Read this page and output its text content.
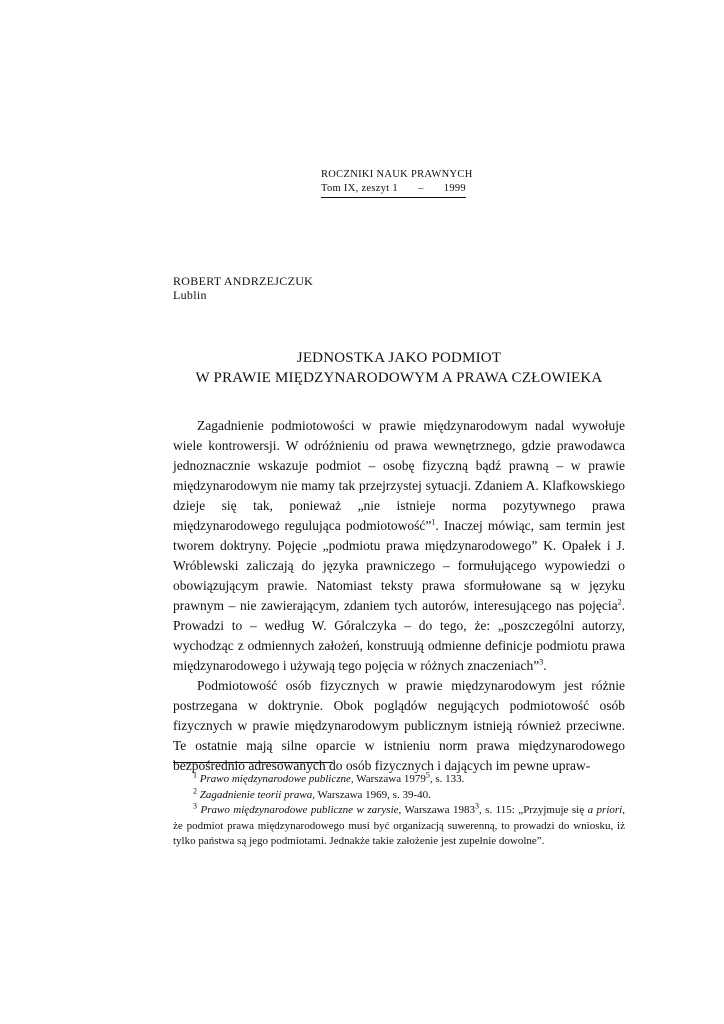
ROCZNIKI NAUK PRAWNYCH
Tom IX, zeszyt 1 – 1999
ROBERT ANDRZEJCZUK
Lublin
JEDNOSTKA JAKO PODMIOT
W PRAWIE MIĘDZYNARODOWYM A PRAWA CZŁOWIEKA

Zagadnienie podmiotowości w prawie międzynarodowym nadal wywołuje wiele kontrowersji. W odróżnieniu od prawa wewnętrznego, gdzie prawodawca jednoznacznie wskazuje podmiot – osobę fizyczną bądź prawną – w prawie międzynarodowym nie mamy tak przejrzystej sytuacji. Zdaniem A. Klafkowskiego dzieje się tak, ponieważ „nie istnieje norma pozytywnego prawa międzynarodowego regulująca podmiotowość”$^1$. Inaczej mówiąc, sam termin jest tworem doktryny. Pojęcie „podmiotu prawa międzynarodowego” K. Opałek i J. Wróblewski zaliczają do języka prawniczego – formułującego wypowiedzi o obowiązującym prawie. Natomiast teksty prawa sformułowane są w języku prawnym – nie zawierającym, zdaniem tych autorów, interesującego nas pojęcia$^2$. Prowadzi to – według W. Góralczyka – do tego, że: „poszczególni autorzy, wychodząc z odmiennych założeń, konstruują odmienne definicje podmiotu prawa międzynarodowego i używają tego pojęcia w różnych znaczeniach”$^3$.

Podmiotowość osób fizycznych w prawie międzynarodowym jest różnie postrzegana w doktrynie. Obok poglądów negujących podmiotowość osób fizycznych w prawie międzynarodowym publicznym istnieją również przeciwne. Te ostatnie mają silne oparcie w istnieniu norm prawa międzynarodowego bezpośrednio adresowanych do osób fizycznych i dających im pewne upraw-

$^1$ Prawo międzynarodowe publiczne, Warszawa 1979$^5$, s. 133.
$^2$ Zagadnienie teorii prawa, Warszawa 1969, s. 39-40.
$^3$ Prawo międzynarodowe publiczne w zarysie, Warszawa 1983$^3$, s. 115: „Przyjmuje się a priori, że podmiot prawa międzynarodowego musi być organizacją suwerenną, to prowadzi do wniosku, iż tylko państwa są jego podmiotami. Jednakże takie założenie jest zupełnie dowolne”.
